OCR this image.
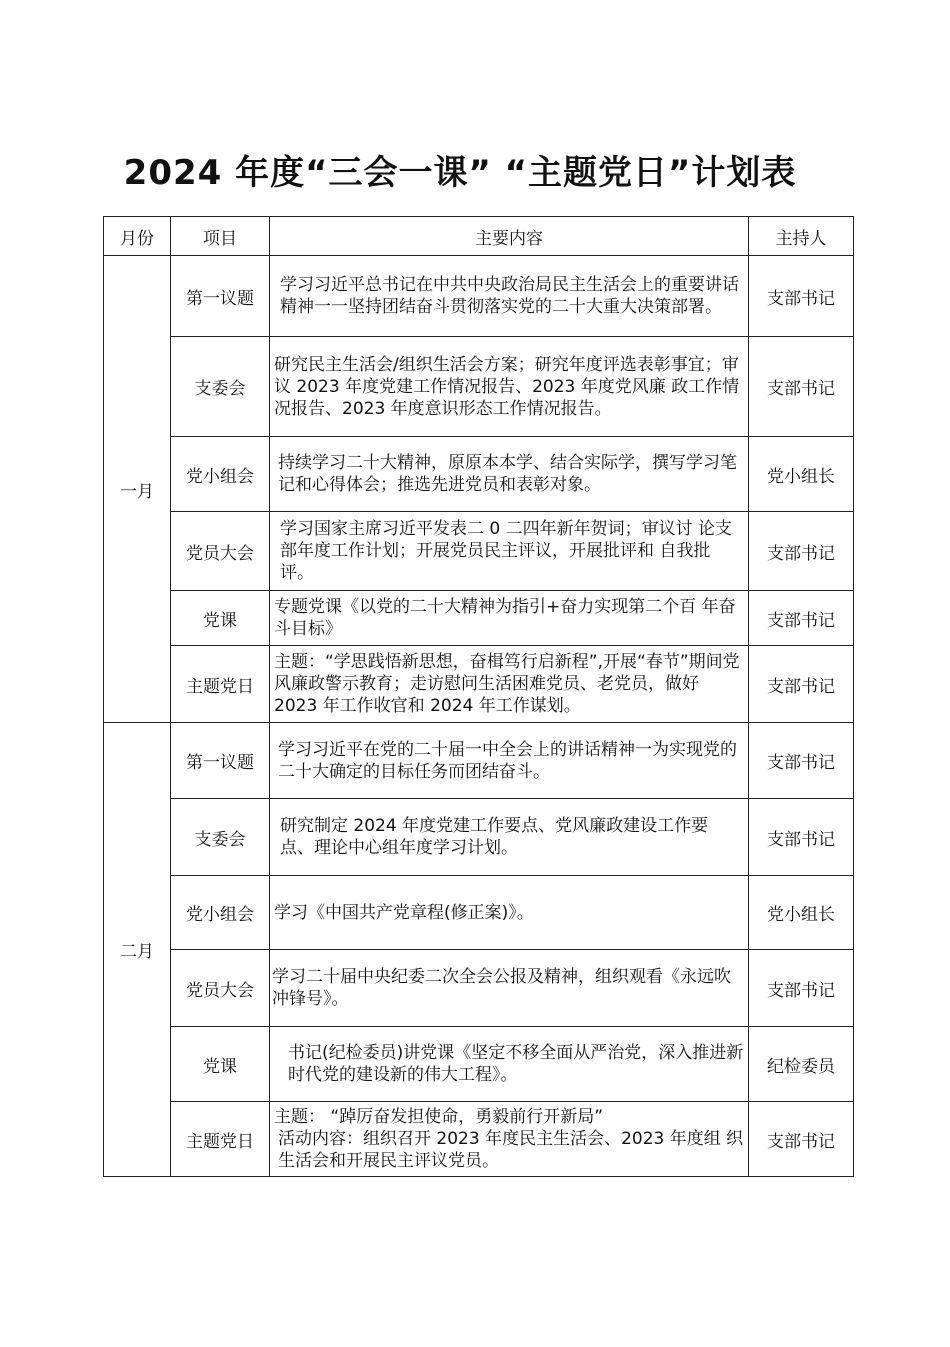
2024 年度“三会一课” “主题党日”计划表
月份	项目	主要内容	主持人
一月	第一议题	学习习近平总书记在中共中央政治局民主生活会上的重要讲话精神一一坚持团结奋斗贯彻落实党的二十大重大决策部署。	支部书记
	支委会	研究民主生活会/组织生活会方案；研究年度评选表彰事宜；审议 2023 年度党建工作情况报告、2023 年度党风廉 政工作情况报告、2023 年度意识形态工作情况报告。	支部书记
	党小组会	持续学习二十大精神，原原本本学、结合实际学，撰写学习笔记和心得体会；推选先进党员和表彰对象。	党小组长
	党员大会	学习国家主席习近平发表二 0 二四年新年贺词；审议讨 论支部年度工作计划；开展党员民主评议，开展批评和 自我批评。	支部书记
	党课	专题党课《以党的二十大精神为指引+奋力实现第二个百 年奋斗目标》	支部书记
	主题党日	主题：“学思践悟新思想，奋楫笃行启新程”,开展“春节”期间党风廉政警示教育；走访慰问生活困难党员、老党员，做好 2023 年工作收官和 2024 年工作谋划。	支部书记
二月	第一议题	学习习近平在党的二十届一中全会上的讲话精神一为实现党的二十大确定的目标任务而团结奋斗。	支部书记
	支委会	研究制定 2024 年度党建工作要点、党风廉政建设工作要 点、理论中心组年度学习计划。	支部书记
	党小组会	学习《中国共产党章程(修正案)》。	党小组长
	党员大会	学习二十届中央纪委二次全会公报及精神，组织观看《永远吹冲锋号》。	支部书记
	党课	书记(纪检委员)讲党课《坚定不移全面从严治党，深入推进新时代党的建设新的伟大工程》。	纪检委员
	主题党日	主题： “踔厉奋发担使命，勇毅前行开新局”
活动内容：组织召开 2023 年度民主生活会、2023 年度组 织生活会和开展民主评议党员。	支部书记
